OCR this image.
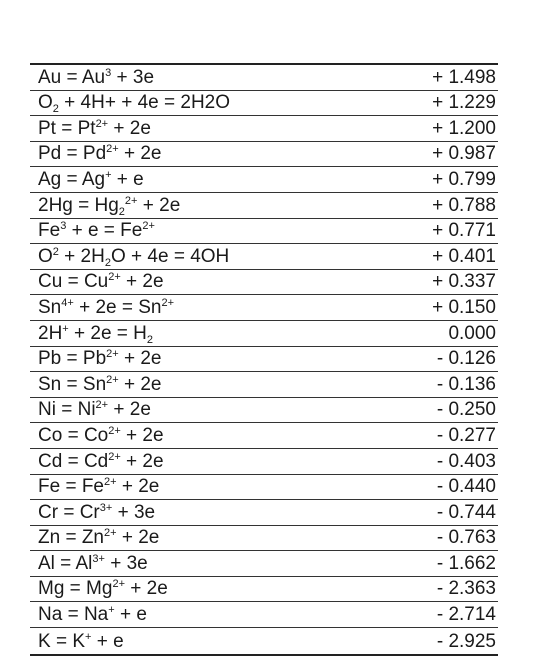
$Au = Au^3 + 3e$	+ 1.498
$O_2 + 4H+ + 4e = 2H2O$	+ 1.229
$Pt = Pt^{2+} + 2e$	+ 1.200
$Pd = Pd^{2+} + 2e$	+ 0.987
Ag = Ag+ + e	+ 0.799
$2Hg = Hg_2^{2+} + 2e$	+ 0.788
$Fe^3 + e = Fe^{2+}$	+ 0.771
$O^2 + 2H_2O + 4e = 4OH$	+ 0.401
$Cu = Cu^{2+} + 2e$	+ 0.337
$Sn^{4+} + 2e = Sn^{2+}$	+ 0.150
$2H^+ + 2e = H_2$	0.000
$Pb = Pb^{2+} + 2e$	- 0.126
$Sn = Sn^{2+} + 2e$	- 0.136
$Ni = Ni^{2+} + 2e$	- 0.250
$Co = Co^{2+} + 2e$	- 0.277
$Cd = Cd^{2+} + 2e$	- 0.403
$Fe = Fe^{2+} + 2e$	- 0.440
$Cr = Cr^{3+} + 3e$	- 0.744
$Zn = Zn^{2+} + 2e$	- 0.763
$Al = Al^{3+} + 3e$	- 1.662
$Mg = Mg^{2+} + 2e$	- 2.363
Na = Na+ + e	- 2.714
K = K+ + e	- 2.925
